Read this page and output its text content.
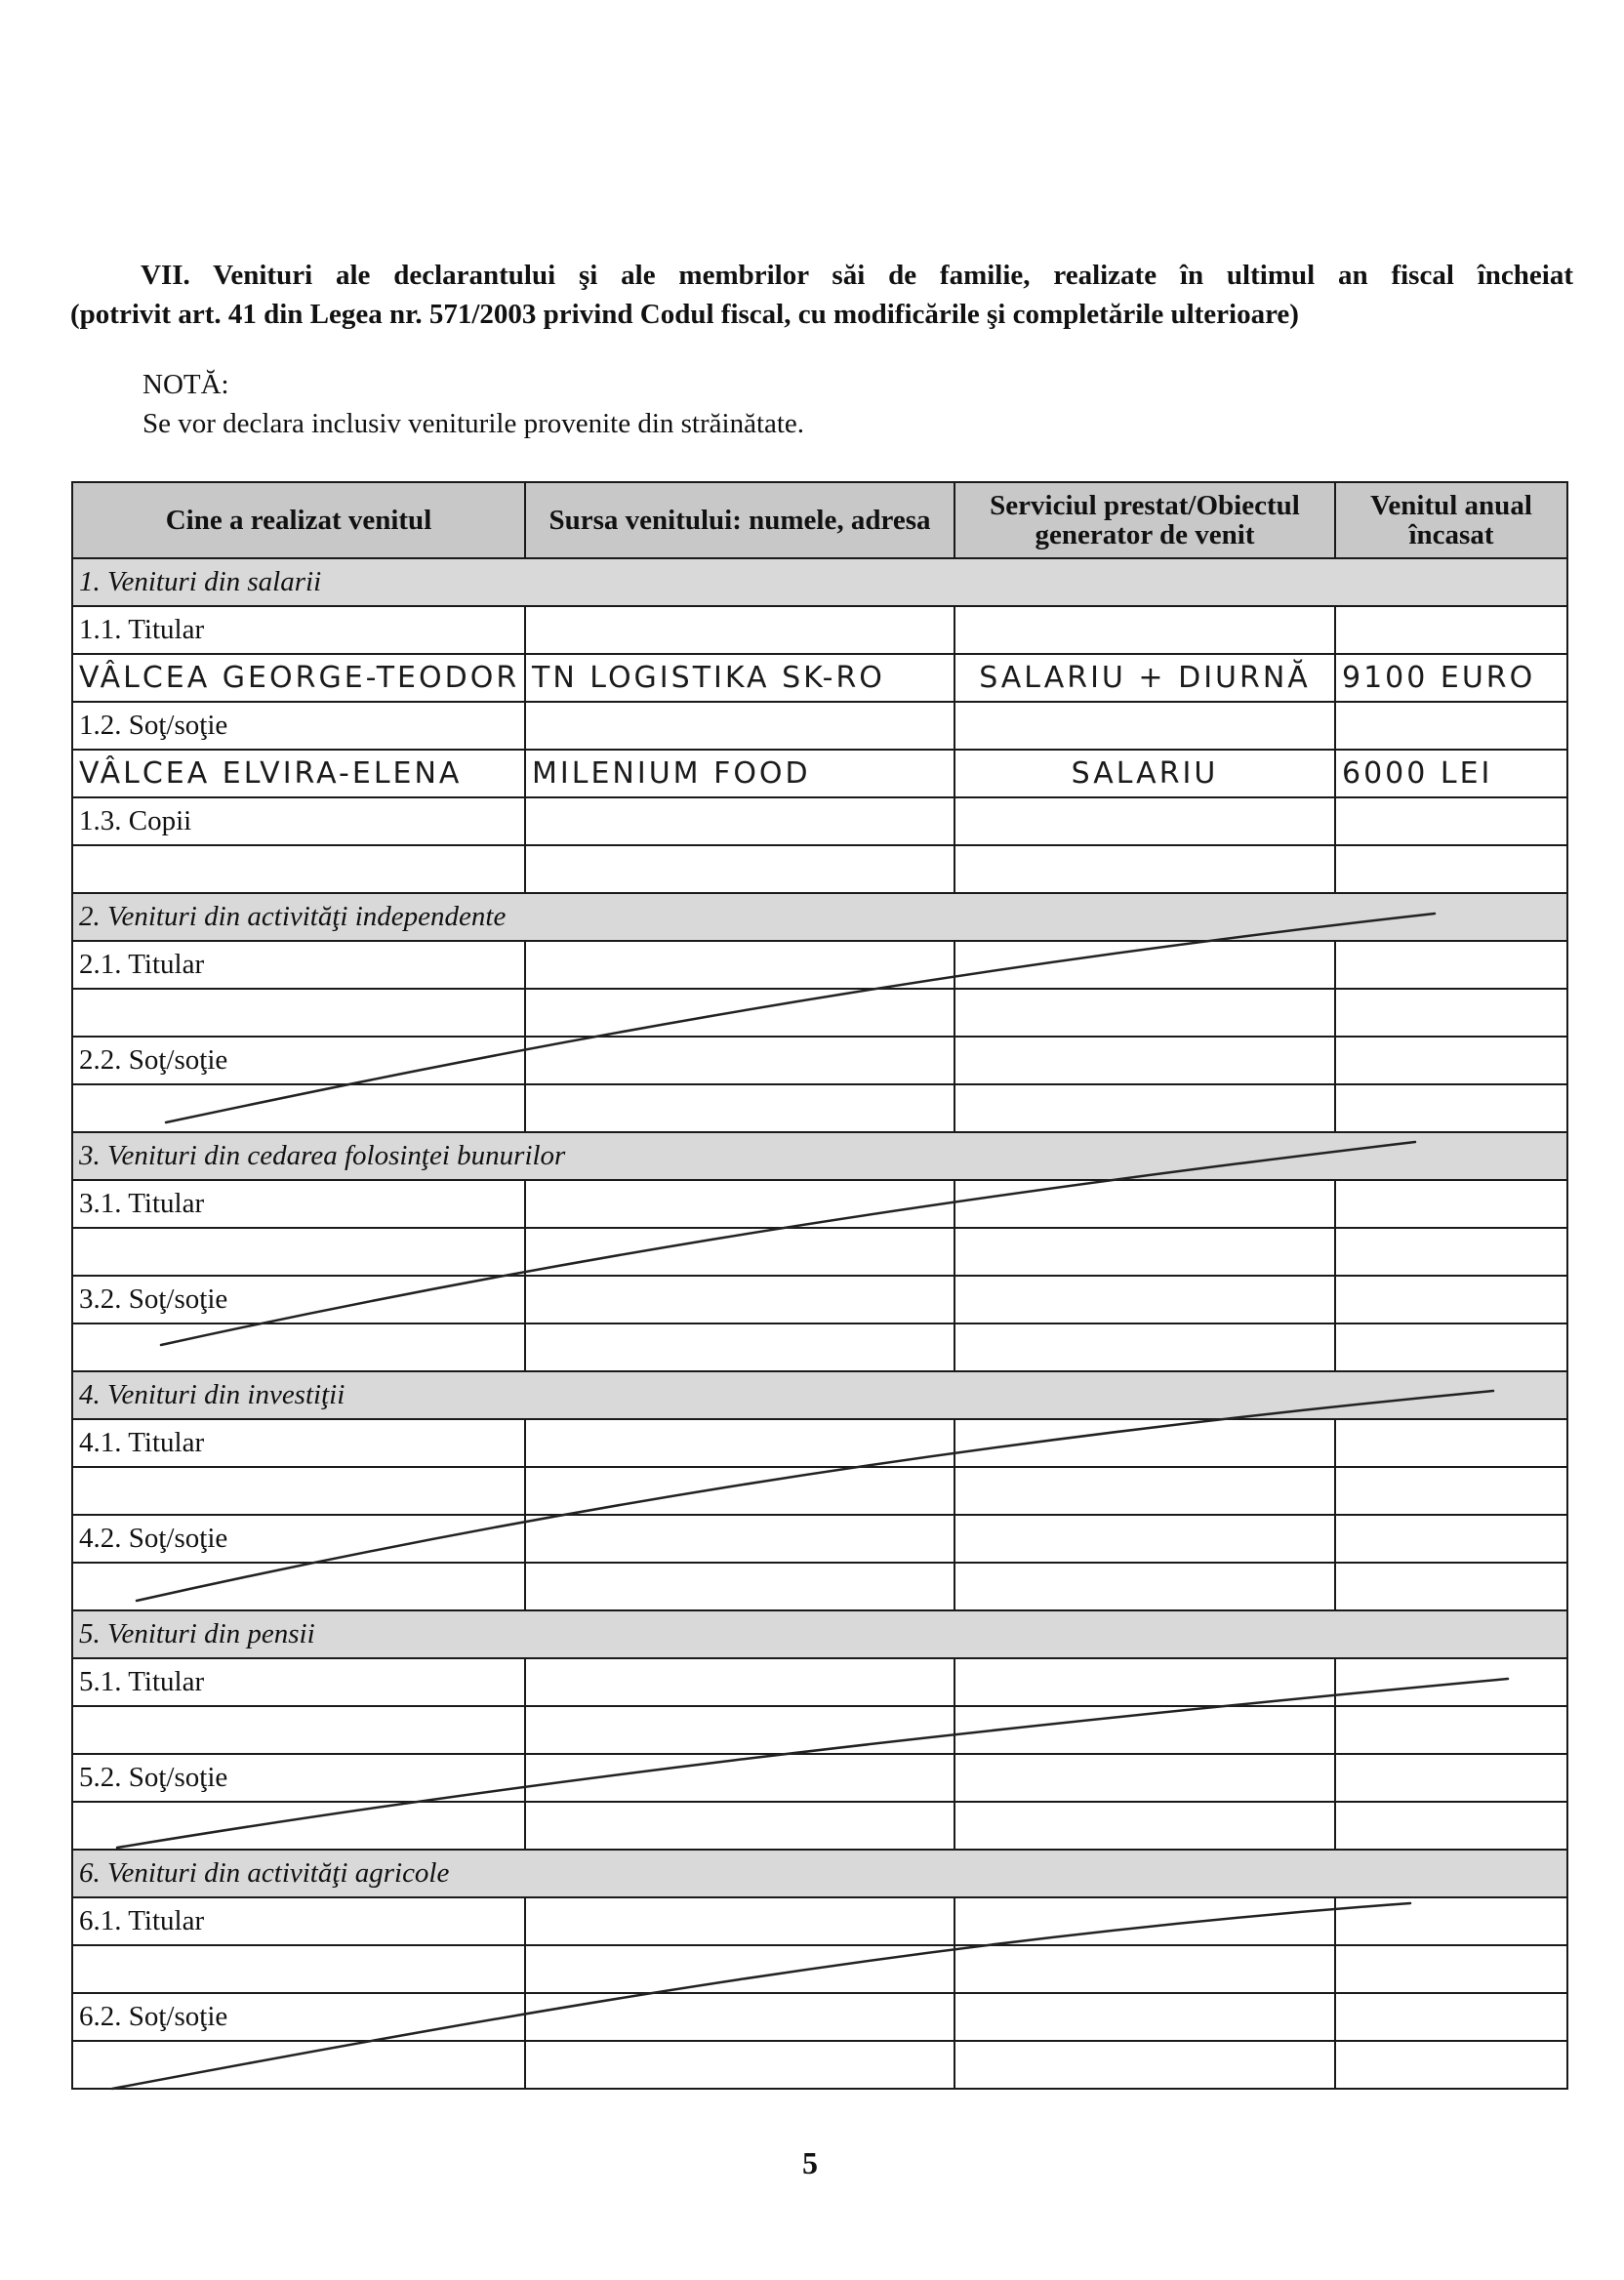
VII. Venituri ale declarantului şi ale membrilor săi de familie, realizate în ultimul an fiscal încheiat
(potrivit art. 41 din Legea nr. 571/2003 privind Codul fiscal, cu modificările şi completările ulterioare)
NOTĂ:
Se vor declara inclusiv veniturile provenite din străinătate.
Cine a realizat venitul	Sursa venitului: numele, adresa	Serviciul prestat/Obiectul generator de venit	Venitul anual încasat
1. Venituri din salarii			
1.1. Titular			
VÂLCEA GEORGE-TEODOR	TN LOGISTIKA SK-RO	SALARIU + DIURNĂ	9100 EURO
1.2. Soţ/soţie			
VÂLCEA ELVIRA-ELENA	MILENIUM FOOD	SALARIU	6000 LEI
1.3. Copii			

2. Venituri din activităţi independente			
2.1. Titular			

2.2. Soţ/soţie			

3. Venituri din cedarea folosinţei bunurilor			
3.1. Titular			

3.2. Soţ/soţie			

4. Venituri din investiţii			
4.1. Titular			

4.2. Soţ/soţie			

5. Venituri din pensii			
5.1. Titular			

5.2. Soţ/soţie			

6. Venituri din activităţi agricole			
6.1. Titular			

6.2. Soţ/soţie			

5
